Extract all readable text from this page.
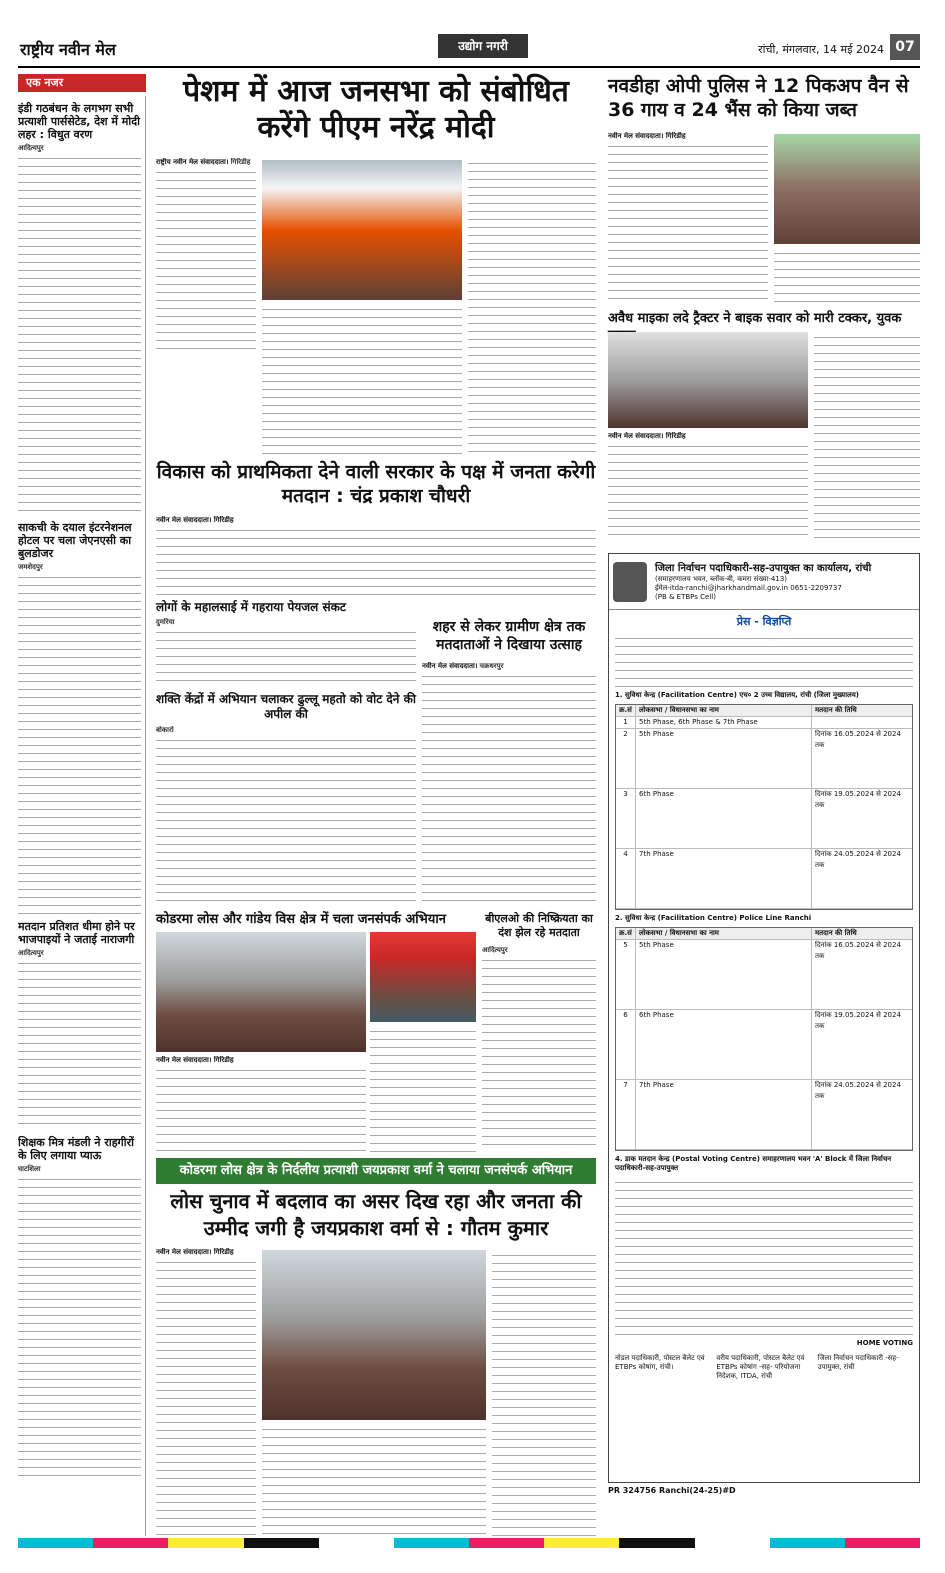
राष्ट्रीय नवीन मेल	उद्योग नगरी	रांची, मंगलवार, 14 मई 2024 07
एक नजर
इंडी गठबंधन के लगभग सभी प्रत्याशी पार्ससेटेड, देश में मोदी लहर : विधुत वरण
आदित्यपुर
साकची के दयाल इंटरनेशनल होटल पर चला जेएनएसी का बुलडोजर
जमशेदपुर
मतदान प्रतिशत धीमा होने पर भाजपाइयों ने जताई नाराजगी
आदित्यपुर
शिक्षक मित्र मंडली ने राहगीरों के लिए लगाया प्याऊ
घाटशिला
पेशम में आज जनसभा को संबोधित करेंगे पीएम नरेंद्र मोदी
राष्ट्रीय नवीन मेल संवाददाता। गिरिडीह
विकास को प्राथमिकता देने वाली सरकार के पक्ष में जनता करेगी मतदान : चंद्र प्रकाश चौधरी
नवीन मेल संवाददाता। गिरिडीह
लोगों के महालसाई में गहराया पेयजल संकट
दुमरिया
शक्ति केंद्रों में अभियान चलाकर ढुल्लू महतो को वोट देने की अपील की
बोकारो
शहर से लेकर ग्रामीण क्षेत्र तक मतदाताओं ने दिखाया उत्साह
नवीन मेल संवाददाता। चक्रधरपुर
कोडरमा लोस और गांडेय विस क्षेत्र में चला जनसंपर्क अभियान
नवीन मेल संवाददाता। गिरिडीह
बीएलओ की निष्क्रियता का दंश झेल रहे मतदाता
आदित्यपुर
कोडरमा लोस क्षेत्र के निर्दलीय प्रत्याशी जयप्रकाश वर्मा ने चलाया जनसंपर्क अभियान
लोस चुनाव में बदलाव का असर दिख रहा और जनता की उम्मीद जगी है जयप्रकाश वर्मा से : गौतम कुमार
नवीन मेल संवाददाता। गिरिडीह
नवडीहा ओपी पुलिस ने 12 पिकअप वैन से 36 गाय व 24 भैंस को किया जब्त
नवीन मेल संवाददाता। गिरिडीह
अवैध माइका लदे ट्रैक्टर ने बाइक सवार को मारी टक्कर, युवक
नवीन मेल संवाददाता। गिरिडीह
जिला निर्वाचन पदाधिकारी-सह-उपायुक्त का कार्यालय, रांची
(समाहरणालय भवन, ब्लॉक-बी, कमरा संख्या-413)
ईमेल-itda-ranchi@jharkhandmail.gov.in 0651-2209737
(PB & ETBPs Cell)
प्रेस - विज्ञप्ति
1. सुविधा केन्द्र (Facilitation Centre) एच० 2 उच्च विद्यालय, रांची (जिला मुख्यालय)
क्र.सं	लोकसभा / विधानसभा का नाम	मतदान की तिथि
1	5th Phase, 6th Phase & 7th Phase
2	5th Phase	दिनांक 16.05.2024 से 2024 तक
3	6th Phase	दिनांक 19.05.2024 से 2024 तक
4	7th Phase	दिनांक 24.05.2024 से 2024 तक
2. सुविधा केन्द्र (Facilitation Centre) Police Line Ranchi
क्र.सं	लोकसभा / विधानसभा का नाम	मतदान की तिथि
5	5th Phase	दिनांक 16.05.2024 से 2024 तक
6	6th Phase	दिनांक 19.05.2024 से 2024 तक
7	7th Phase	दिनांक 24.05.2024 से 2024 तक
4. डाक मतदान केन्द्र (Postal Voting Centre) समाहरणालय भवन 'A' Block में जिला निर्वाचन पदाधिकारी-सह-उपायुक्त
HOME VOTING
नोडल पदाधिकारी, पोस्टल बैलेट एवं ETBPs कोषांग, रांची।
वरीय पदाधिकारी, पोस्टल बैलेट एवं ETBPs कोषांग -सह- परियोजना निदेशक, ITDA, रांची
जिला निर्वाचन पदाधिकारी -सह- उपायुक्त, रांची
PR 324756 Ranchi(24-25)#D
